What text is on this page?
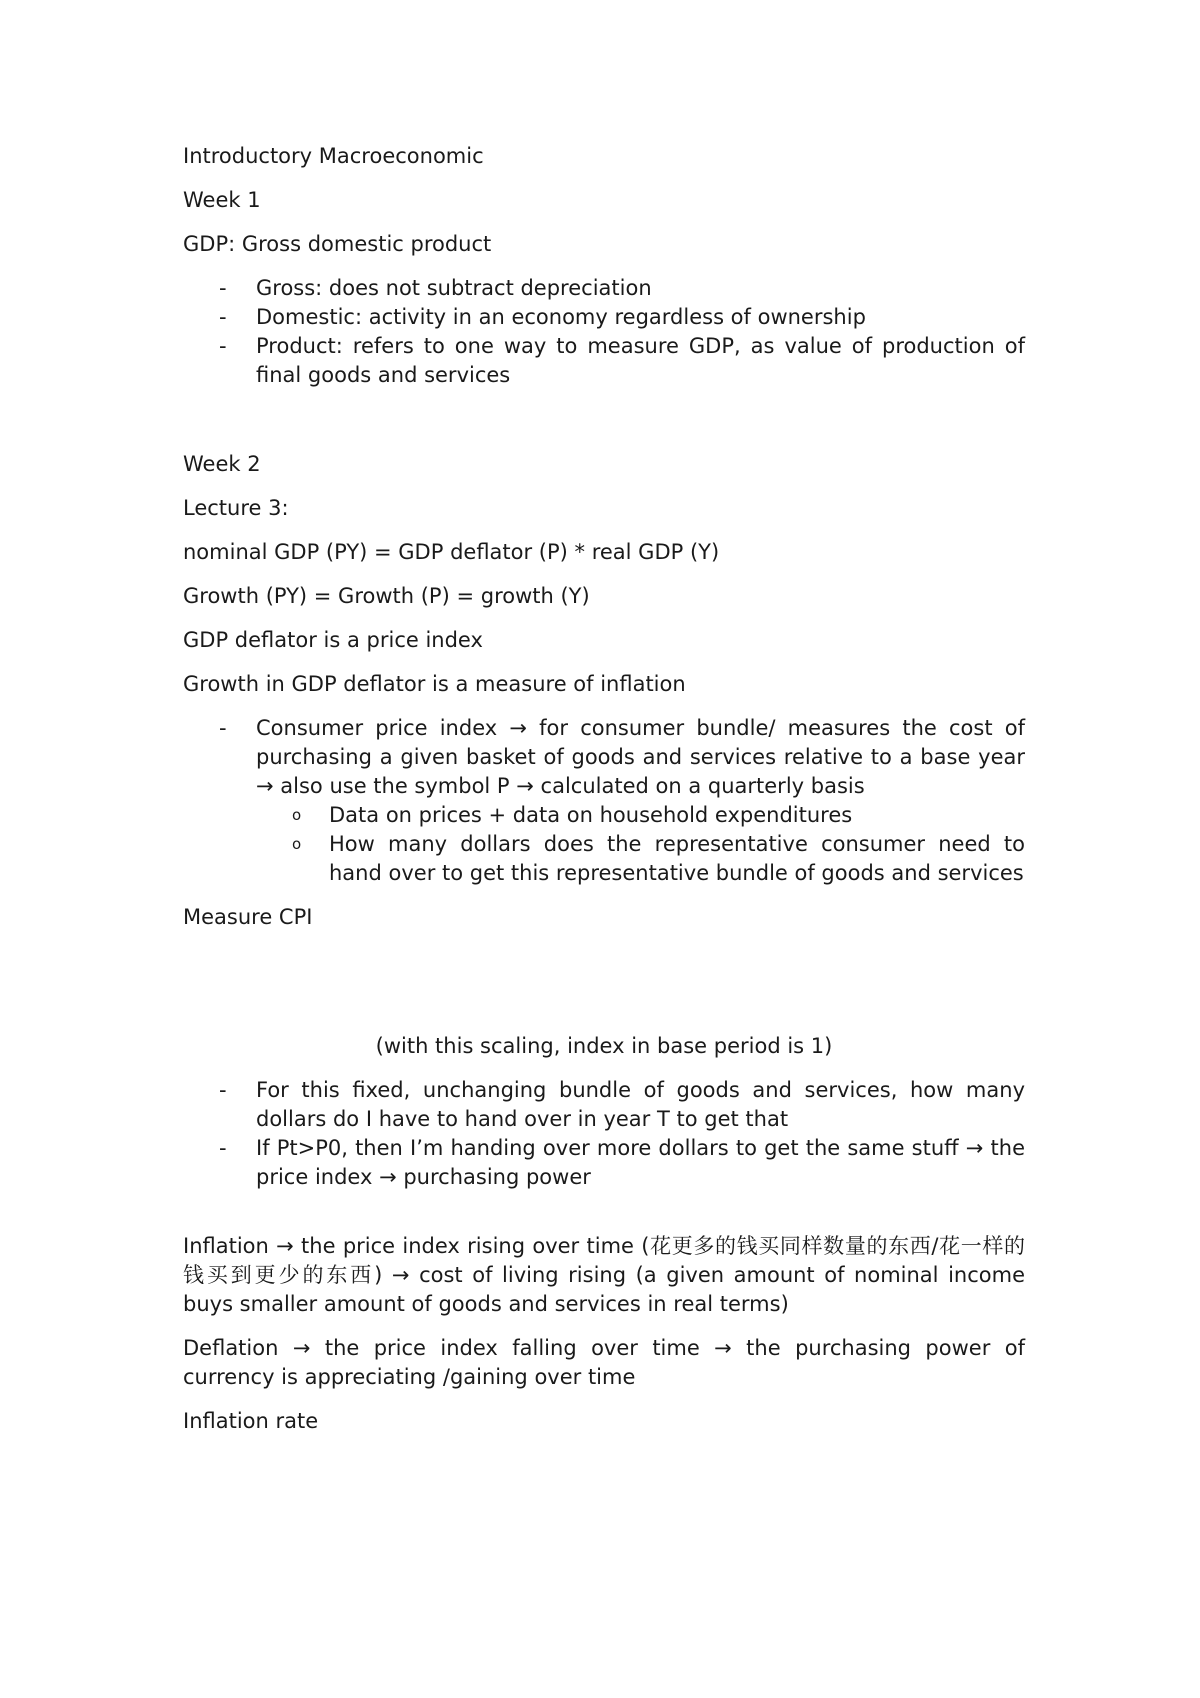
Introductory Macroeconomic

Week 1

GDP: Gross domestic product

- Gross: does not subtract depreciation
- Domestic: activity in an economy regardless of ownership
- Product: refers to one way to measure GDP, as value of production of final goods and services

Week 2

Lecture 3:

nominal GDP (PY) = GDP deflator (P) * real GDP (Y)

Growth (PY) = Growth (P) = growth (Y)

GDP deflator is a price index

Growth in GDP deflator is a measure of inflation

- Consumer price index → for consumer bundle/ measures the cost of purchasing a given basket of goods and services relative to a base year → also use the symbol P → calculated on a quarterly basis
o Data on prices + data on household expenditures
o How many dollars does the representative consumer need to hand over to get this representative bundle of goods and services

Measure CPI

(with this scaling, index in base period is 1)

- For this fixed, unchanging bundle of goods and services, how many dollars do I have to hand over in year T to get that
- If Pt>P0, then I’m handing over more dollars to get the same stuff → the price index → purchasing power

Inflation → the price index rising over time (花更多的钱买同样数量的东西/花一样的钱买到更少的东西) → cost of living rising (a given amount of nominal income buys smaller amount of goods and services in real terms)

Deflation → the price index falling over time → the purchasing power of currency is appreciating /gaining over time

Inflation rate
